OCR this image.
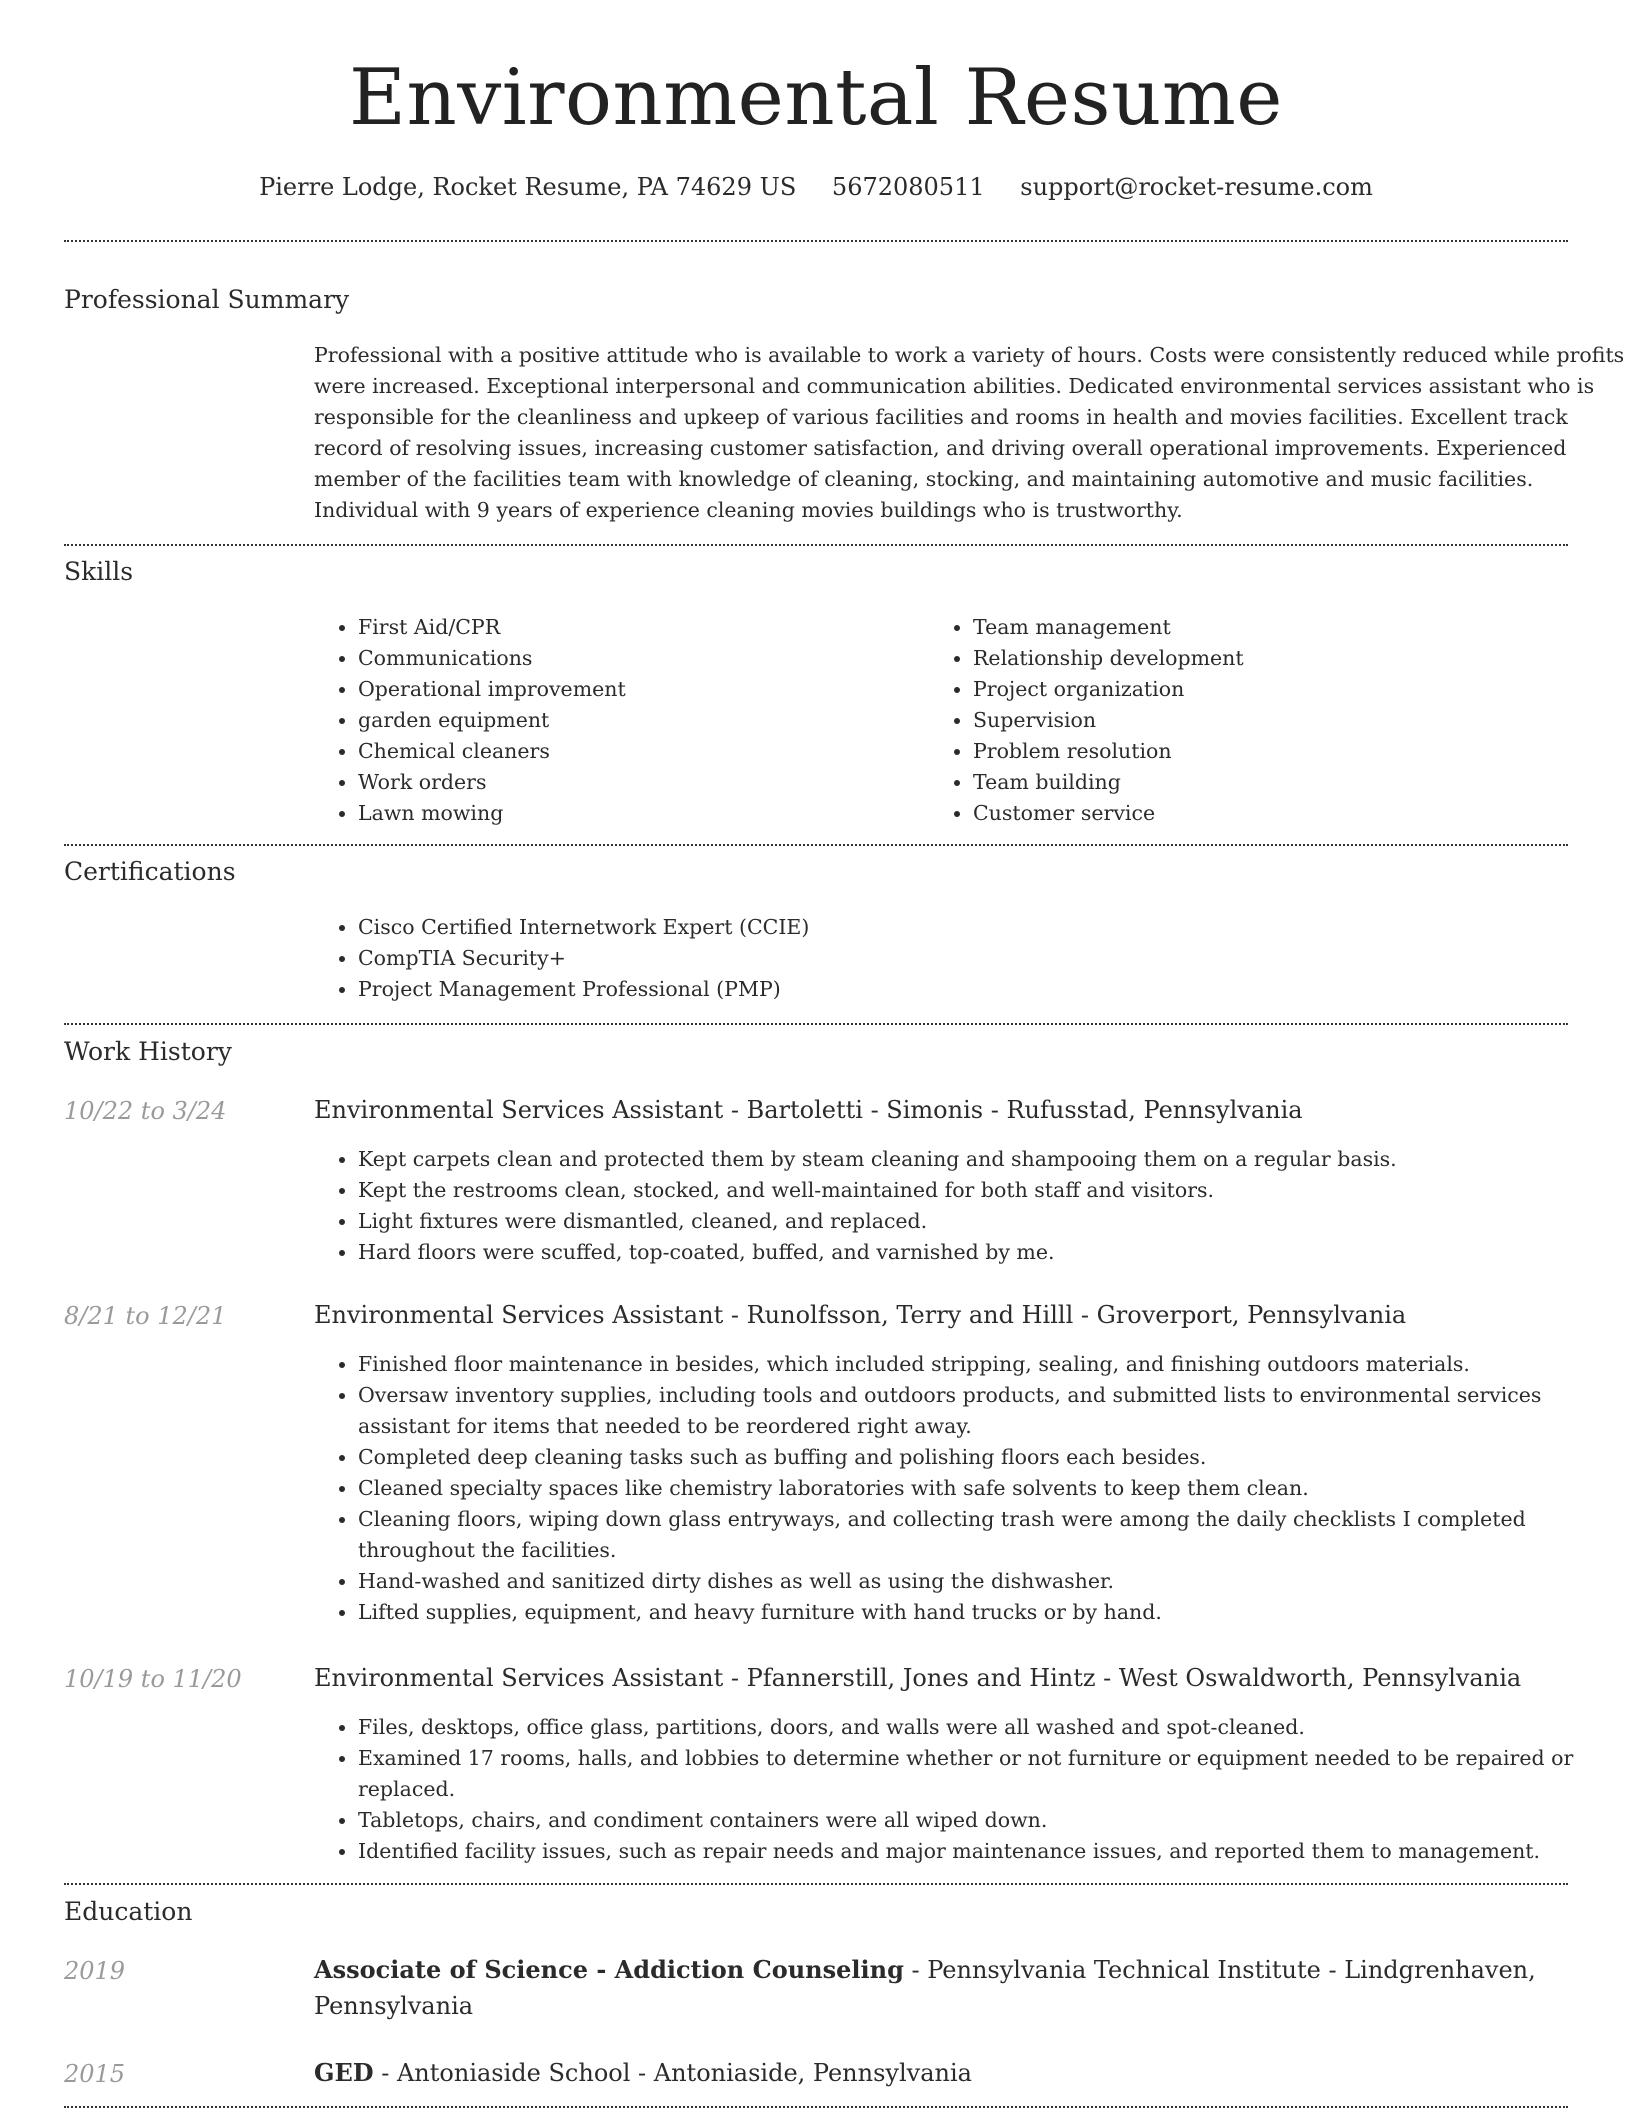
Environmental Resume
Pierre Lodge, Rocket Resume, PA 74629 US 5672080511 support@rocket-resume.com
Professional Summary
Professional with a positive attitude who is available to work a variety of hours. Costs were consistently reduced while profits were increased. Exceptional interpersonal and communication abilities. Dedicated environmental services assistant who is responsible for the cleanliness and upkeep of various facilities and rooms in health and movies facilities. Excellent track record of resolving issues, increasing customer satisfaction, and driving overall operational improvements. Experienced member of the facilities team with knowledge of cleaning, stocking, and maintaining automotive and music facilities. Individual with 9 years of experience cleaning movies buildings who is trustworthy.
Skills
• First Aid/CPR
• Communications
• Operational improvement
• garden equipment
• Chemical cleaners
• Work orders
• Lawn mowing
• Team management
• Relationship development
• Project organization
• Supervision
• Problem resolution
• Team building
• Customer service
Certifications
• Cisco Certified Internetwork Expert (CCIE)
• CompTIA Security+
• Project Management Professional (PMP)
Work History
10/22 to 3/24	Environmental Services Assistant - Bartoletti - Simonis - Rufusstad, Pennsylvania
• Kept carpets clean and protected them by steam cleaning and shampooing them on a regular basis.
• Kept the restrooms clean, stocked, and well-maintained for both staff and visitors.
• Light fixtures were dismantled, cleaned, and replaced.
• Hard floors were scuffed, top-coated, buffed, and varnished by me.
8/21 to 12/21	Environmental Services Assistant - Runolfsson, Terry and Hilll - Groverport, Pennsylvania
• Finished floor maintenance in besides, which included stripping, sealing, and finishing outdoors materials.
• Oversaw inventory supplies, including tools and outdoors products, and submitted lists to environmental services assistant for items that needed to be reordered right away.
• Completed deep cleaning tasks such as buffing and polishing floors each besides.
• Cleaned specialty spaces like chemistry laboratories with safe solvents to keep them clean.
• Cleaning floors, wiping down glass entryways, and collecting trash were among the daily checklists I completed throughout the facilities.
• Hand-washed and sanitized dirty dishes as well as using the dishwasher.
• Lifted supplies, equipment, and heavy furniture with hand trucks or by hand.
10/19 to 11/20	Environmental Services Assistant - Pfannerstill, Jones and Hintz - West Oswaldworth, Pennsylvania
• Files, desktops, office glass, partitions, doors, and walls were all washed and spot-cleaned.
• Examined 17 rooms, halls, and lobbies to determine whether or not furniture or equipment needed to be repaired or replaced.
• Tabletops, chairs, and condiment containers were all wiped down.
• Identified facility issues, such as repair needs and major maintenance issues, and reported them to management.
Education
2019	Associate of Science - Addiction Counseling - Pennsylvania Technical Institute - Lindgrenhaven, Pennsylvania
2015	GED - Antoniaside School - Antoniaside, Pennsylvania
